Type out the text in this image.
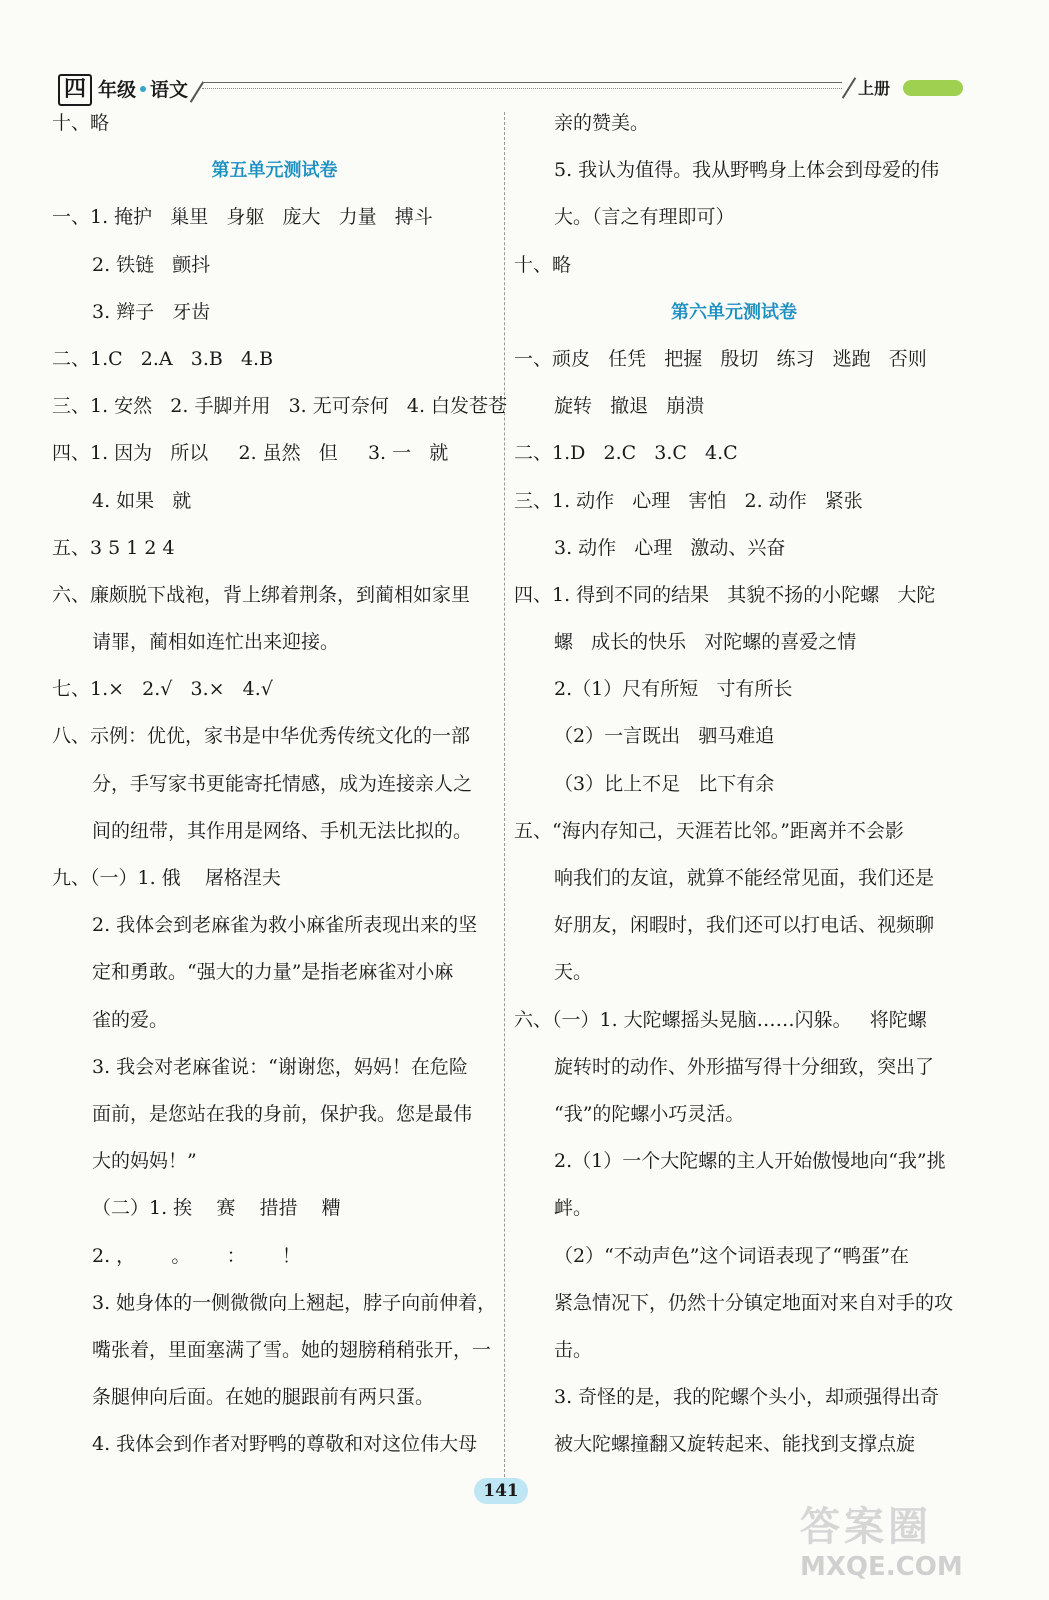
四 年级 语文	上册
十、略
第五单元测试卷
一、1. 掩护   巢里   身躯   庞大   力量   搏斗
2. 铁链   颤抖
3. 辫子   牙齿
二、1.C   2.A   3.B   4.B
三、1. 安然   2. 手脚并用   3. 无可奈何   4. 白发苍苍
四、1. 因为   所以     2. 虽然   但     3. 一   就
4. 如果   就
五、3 5 1 2 4
六、廉颇脱下战袍，背上绑着荆条，到蔺相如家里
请罪，蔺相如连忙出来迎接。
七、1.×   2.√   3.×   4.√
八、示例：优优，家书是中华优秀传统文化的一部
分，手写家书更能寄托情感，成为连接亲人之
间的纽带，其作用是网络、手机无法比拟的。
九、（一）1. 俄    屠格涅夫
2. 我体会到老麻雀为救小麻雀所表现出来的坚
定和勇敢。“强大的力量”是指老麻雀对小麻
雀的爱。
3. 我会对老麻雀说：“谢谢您，妈妈！在危险
面前，是您站在我的身前，保护我。您是最伟
大的妈妈！”
（二）1. 挨    赛    措措    糟
2. ，      。      ：      ！
3. 她身体的一侧微微向上翘起，脖子向前伸着，
嘴张着，里面塞满了雪。她的翅膀稍稍张开，一
条腿伸向后面。在她的腿跟前有两只蛋。
4. 我体会到作者对野鸭的尊敬和对这位伟大母
亲的赞美。
5. 我认为值得。我从野鸭身上体会到母爱的伟
大。（言之有理即可）
十、略
第六单元测试卷
一、顽皮   任凭   把握   殷切   练习   逃跑   否则
旋转   撤退   崩溃
二、1.D   2.C   3.C   4.C
三、1. 动作   心理   害怕   2. 动作   紧张
3. 动作   心理   激动、兴奋
四、1. 得到不同的结果   其貌不扬的小陀螺   大陀
螺   成长的快乐   对陀螺的喜爱之情
2.（1）尺有所短   寸有所长
（2）一言既出   驷马难追
（3）比上不足   比下有余
五、“海内存知己，天涯若比邻。”距离并不会影
响我们的友谊，就算不能经常见面，我们还是
好朋友，闲暇时，我们还可以打电话、视频聊
天。
六、（一）1. 大陀螺摇头晃脑……闪躲。   将陀螺
旋转时的动作、外形描写得十分细致，突出了
“我”的陀螺小巧灵活。
2.（1）一个大陀螺的主人开始傲慢地向“我”挑
衅。
（2）“不动声色”这个词语表现了“鸭蛋”在
紧急情况下，仍然十分镇定地面对来自对手的攻
击。
3. 奇怪的是，我的陀螺个头小，却顽强得出奇
被大陀螺撞翻又旋转起来、能找到支撑点旋
141
答案圈
MXQE.COM
